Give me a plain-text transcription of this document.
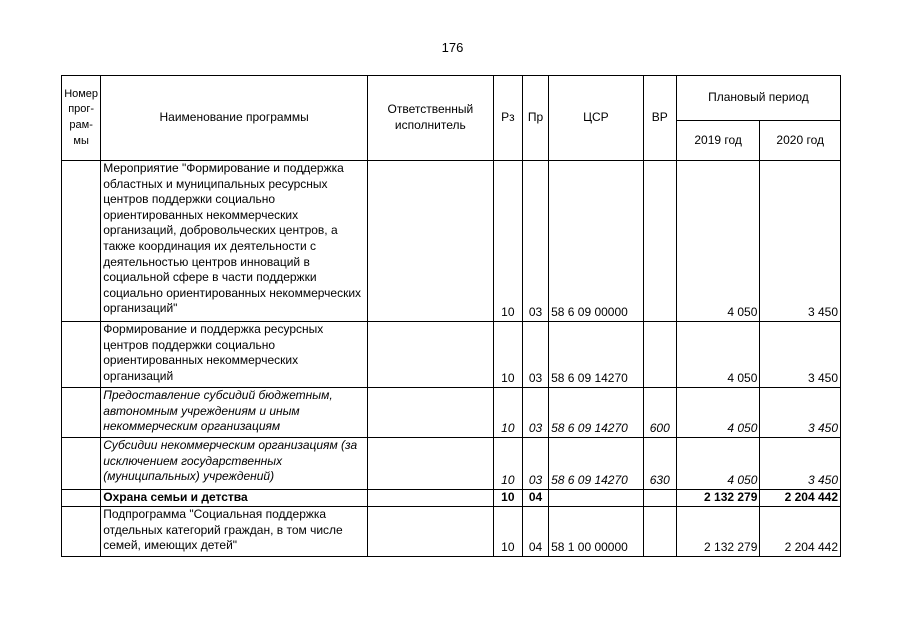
176
Номер прог-рам-мы	Наименование программы	Ответственный исполнитель	Рз	Пр	ЦСР	ВР	Плановый период	
							2019 год	2020 год
	Мероприятие "Формирование и поддержка областных и муниципальных ресурсных центров поддержки социально ориентированных некоммерческих организаций, добровольческих центров, а также координация их деятельности с деятельностью центров инноваций в социальной сфере в части поддержки социально ориентированных некоммерческих организаций"		10	03	58 6 09 00000		4 050	3 450
	Формирование и поддержка ресурсных центров поддержки социально ориентированных некоммерческих организаций		10	03	58 6 09 14270		4 050	3 450
	Предоставление субсидий бюджетным, автономным учреждениям и иным некоммерческим организациям		10	03	58 6 09 14270	600	4 050	3 450
	Субсидии некоммерческим организациям (за исключением государственных (муниципальных) учреждений)		10	03	58 6 09 14270	630	4 050	3 450
	Охрана семьи и детства		10	04			2 132 279	2 204 442
	Подпрограмма "Социальная поддержка отдельных категорий граждан, в том числе семей, имеющих детей"		10	04	58 1 00 00000		2 132 279	2 204 442
